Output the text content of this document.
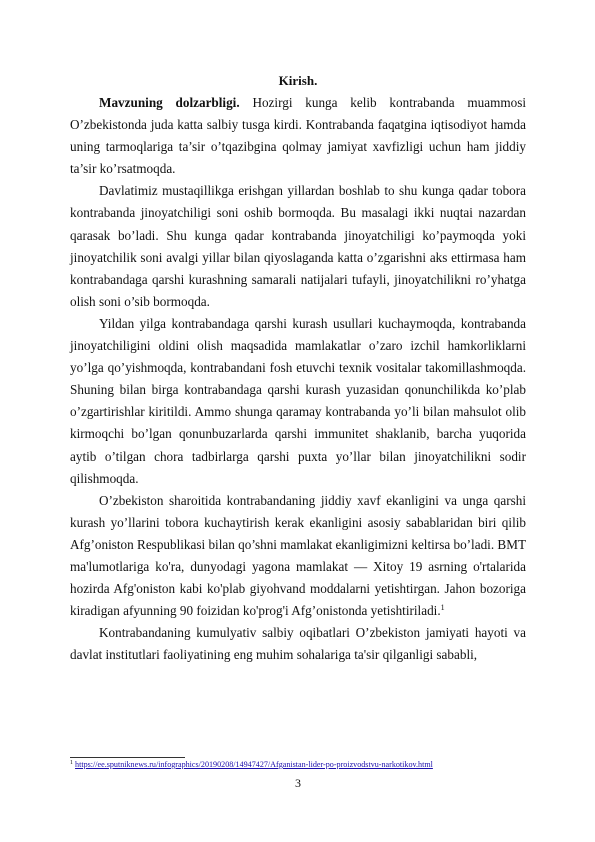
Kirish.

Mavzuning dolzarbligi. Hozirgi kunga kelib kontrabanda muammosi O’zbekistonda juda katta salbiy tusga kirdi. Kontrabanda faqatgina iqtisodiyot hamda uning tarmoqlariga ta’sir o’tqazibgina qolmay jamiyat xavfizligi uchun ham jiddiy ta’sir ko’rsatmoqda.

Davlatimiz mustaqillikga erishgan yillardan boshlab to shu kunga qadar tobora kontrabanda jinoyatchiligi soni oshib bormoqda. Bu masalagi ikki nuqtai nazardan qarasak bo’ladi. Shu kunga qadar kontrabanda jinoyatchiligi ko’paymoqda yoki jinoyatchilik soni avalgi yillar bilan qiyoslaganda katta o’zgarishni aks ettirmasa ham kontrabandaga qarshi kurashning samarali natijalari tufayli, jinoyatchilikni ro’yhatga olish soni o’sib bormoqda.

Yildan yilga kontrabandaga qarshi kurash usullari kuchaymoqda, kontrabanda jinoyatchiligini oldini olish maqsadida mamlakatlar o’zaro izchil hamkorliklarni yo’lga qo’yishmoqda, kontrabandani fosh etuvchi texnik vositalar takomillashmoqda. Shuning bilan birga kontrabandaga qarshi kurash yuzasidan qonunchilikda ko’plab o’zgartirishlar kiritildi. Ammo shunga qaramay kontrabanda yo’li bilan mahsulot olib kirmoqchi bo’lgan qonunbuzarlarda qarshi immunitet shaklanib, barcha yuqorida aytib o’tilgan chora tadbirlarga qarshi puxta yo’llar bilan jinoyatchilikni sodir qilishmoqda.

O’zbekiston sharoitida kontrabandaning jiddiy xavf ekanligini va unga qarshi kurash yo’llarini tobora kuchaytirish kerak ekanligini asosiy sabablaridan biri qilib Afg’oniston Respublikasi bilan qo’shni mamlakat ekanligimizni keltirsa bo’ladi. BMT ma'lumotlariga ko'ra, dunyodagi yagona mamlakat — Xitoy 19 asrning o'rtalarida hozirda Afg'oniston kabi ko'plab giyohvand moddalarni yetishtirgan. Jahon bozoriga kiradigan afyunning 90 foizidan ko'prog'i Afg’onistonda yetishtiriladi.$^1$

Kontrabandaning kumulyativ salbiy oqibatlari O’zbekiston jamiyati hayoti va davlat institutlari faoliyatining eng muhim sohalariga ta'sir qilganligi sababli,

$^1$ https://ee.sputniknews.ru/infographics/20190208/14947427/Afganistan-lider-po-proizvodstvu-narkotikov.html
3
